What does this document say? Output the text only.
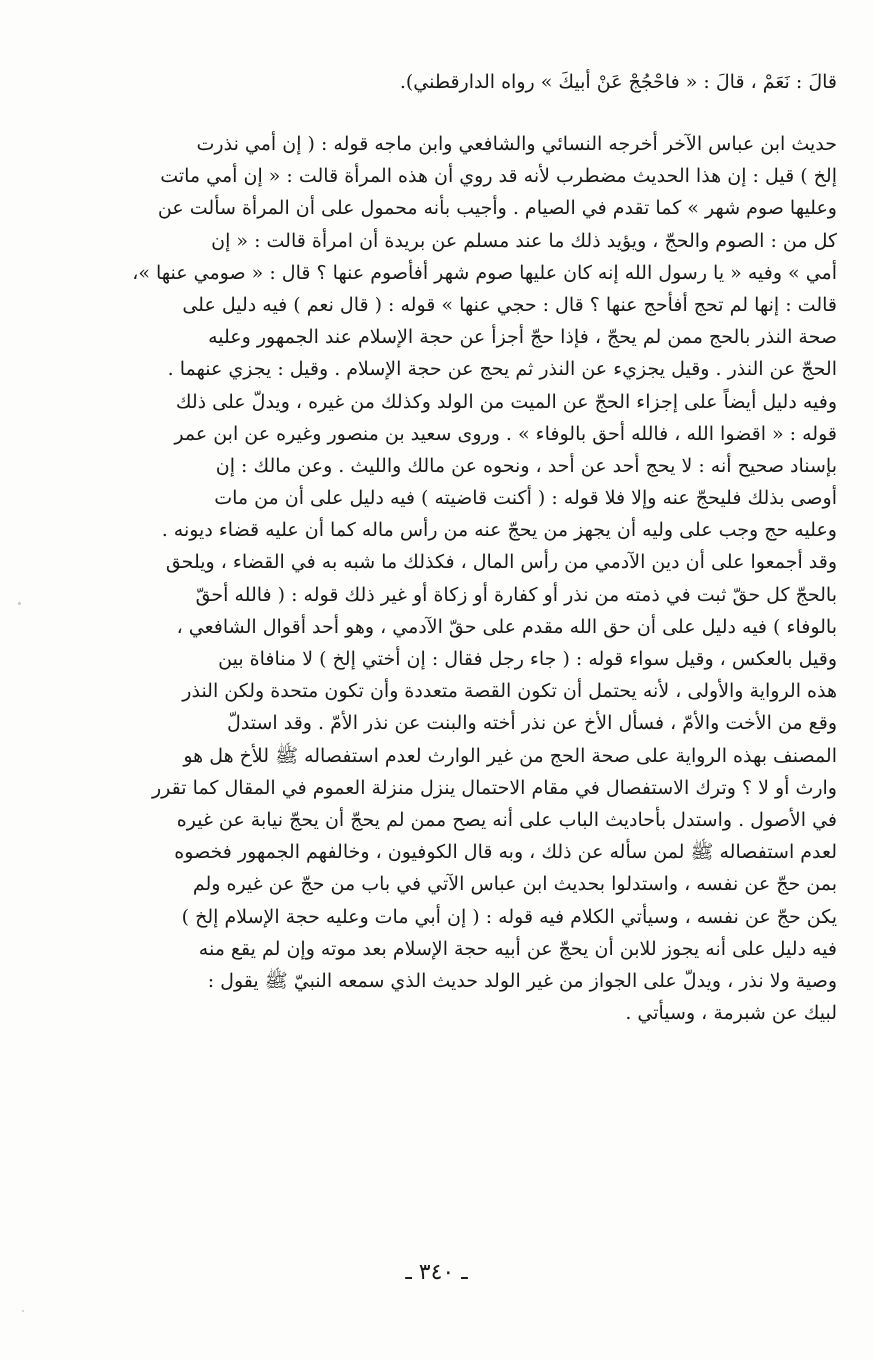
قالَ : نَعَمْ ، قالَ : « فاحْجُجْ عَنْ أبيكَ » رواه الدارقطني).
حديث ابن عباس الآخر أخرجه النسائي والشافعي وابن ماجه قوله : ( إن أمي نذرت
إلخ ) قيل : إن هذا الحديث مضطرب لأنه قد روي أن هذه المرأة قالت : « إن أمي ماتت
وعليها صوم شهر » كما تقدم في الصيام . وأجيب بأنه محمول على أن المرأة سألت عن
كل من : الصوم والحجّ ، ويؤيد ذلك ما عند مسلم عن بريدة أن امرأة قالت : « إن
أمي » وفيه « يا رسول الله إنه كان عليها صوم شهر أفأصوم عنها ؟ قال : « صومي عنها »،
قالت : إنها لم تحج أفأحج عنها ؟ قال : حجي عنها » قوله : ( قال نعم ) فيه دليل على
صحة النذر بالحج ممن لم يحجّ ، فإذا حجّ أجزأ عن حجة الإسلام عند الجمهور وعليه
الحجّ عن النذر . وقيل يجزيء عن النذر ثم يحج عن حجة الإسلام . وقيل : يجزي عنهما .
وفيه دليل أيضاً على إجزاء الحجّ عن الميت من الولد وكذلك من غيره ، ويدلّ على ذلك
قوله : « اقضوا الله ، فالله أحق بالوفاء » . وروى سعيد بن منصور وغيره عن ابن عمر
بإسناد صحيح أنه : لا يحج أحد عن أحد ، ونحوه عن مالك والليث . وعن مالك : إن
أوصى بذلك فليحجّ عنه وإلا فلا قوله : ( أكنت قاضيته ) فيه دليل على أن من مات
وعليه حج وجب على وليه أن يجهز من يحجّ عنه من رأس ماله كما أن عليه قضاء ديونه .
وقد أجمعوا على أن دين الآدمي من رأس المال ، فكذلك ما شبه به في القضاء ، ويلحق
بالحجّ كل حقّ ثبت في ذمته من نذر أو كفارة أو زكاة أو غير ذلك قوله : ( فالله أحقّ
بالوفاء ) فيه دليل على أن حق الله مقدم على حقّ الآدمي ، وهو أحد أقوال الشافعي ،
وقيل بالعكس ، وقيل سواء قوله : ( جاء رجل فقال : إن أختي إلخ ) لا منافاة بين
هذه الرواية والأولى ، لأنه يحتمل أن تكون القصة متعددة وأن تكون متحدة ولكن النذر
وقع من الأخت والأمّ ، فسأل الأخ عن نذر أخته والبنت عن نذر الأمّ . وقد استدلّ
المصنف بهذه الرواية على صحة الحج من غير الوارث لعدم استفصاله ﷺ للأخ هل هو
وارث أو لا ؟ وترك الاستفصال في مقام الاحتمال ينزل منزلة العموم في المقال كما تقرر
في الأصول . واستدل بأحاديث الباب على أنه يصح ممن لم يحجّ أن يحجّ نيابة عن غيره
لعدم استفصاله ﷺ لمن سأله عن ذلك ، وبه قال الكوفيون ، وخالفهم الجمهور فخصوه
بمن حجّ عن نفسه ، واستدلوا بحديث ابن عباس الآتي في باب من حجّ عن غيره ولم
يكن حجّ عن نفسه ، وسيأتي الكلام فيه قوله : ( إن أبي مات وعليه حجة الإسلام إلخ )
فيه دليل على أنه يجوز للابن أن يحجّ عن أبيه حجة الإسلام بعد موته وإن لم يقع منه
وصية ولا نذر ، ويدلّ على الجواز من غير الولد حديث الذي سمعه النبيّ ﷺ يقول :
لبيك عن شبرمة ، وسيأتي .
ـ ٣٤٠ ـ
